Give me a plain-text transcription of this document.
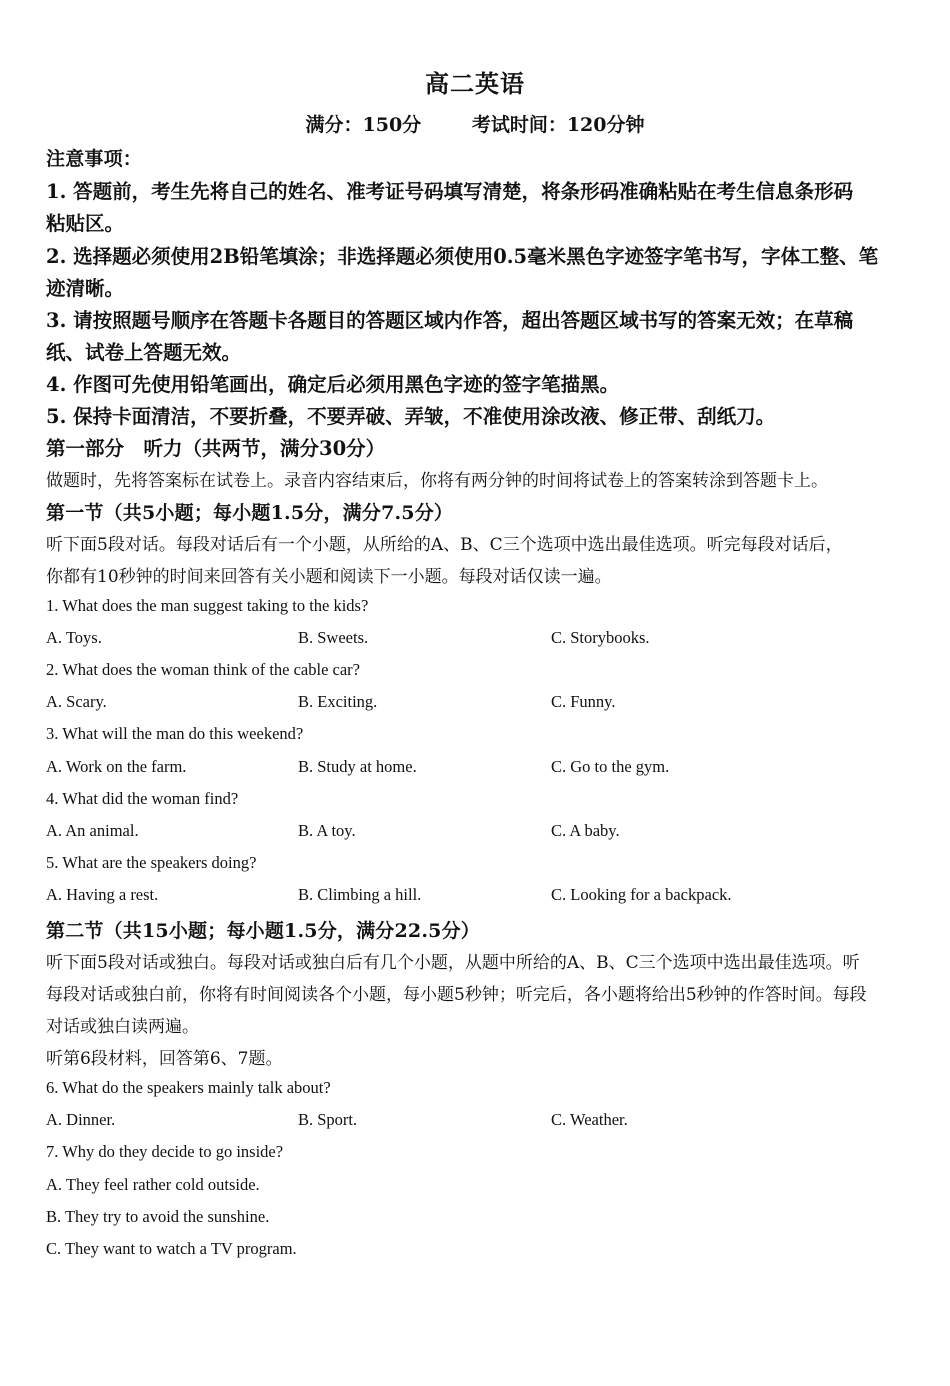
高二英语
满分：150分	考试时间：120分钟
注意事项：
1. 答题前，考生先将自己的姓名、准考证号码填写清楚，将条形码准确粘贴在考生信息条形码
粘贴区。
2. 选择题必须使用2B铅笔填涂；非选择题必须使用0.5毫米黑色字迹签字笔书写，字体工整、笔
迹清晰。
3. 请按照题号顺序在答题卡各题目的答题区域内作答，超出答题区域书写的答案无效；在草稿
纸、试卷上答题无效。
4. 作图可先使用铅笔画出，确定后必须用黑色字迹的签字笔描黑。
5. 保持卡面清洁，不要折叠，不要弄破、弄皱，不准使用涂改液、修正带、刮纸刀。
第一部分　听力（共两节，满分30分）
做题时，先将答案标在试卷上。录音内容结束后，你将有两分钟的时间将试卷上的答案转涂到答题卡上。
第一节（共5小题；每小题1.5分，满分7.5分）
听下面5段对话。每段对话后有一个小题，从所给的A、B、C三个选项中选出最佳选项。听完每段对话后，
你都有10秒钟的时间来回答有关小题和阅读下一小题。每段对话仅读一遍。
1. What does the man suggest taking to the kids?
A. Toys.	B. Sweets.	C. Storybooks.
2. What does the woman think of the cable car?
A. Scary.	B. Exciting.	C. Funny.
3. What will the man do this weekend?
A. Work on the farm.	B. Study at home.	C. Go to the gym.
4. What did the woman find?
A. An animal.	B. A toy.	C. A baby.
5. What are the speakers doing?
A. Having a rest.	B. Climbing a hill.	C. Looking for a backpack.
第二节（共15小题；每小题1.5分，满分22.5分）
听下面5段对话或独白。每段对话或独白后有几个小题，从题中所给的A、B、C三个选项中选出最佳选项。听
每段对话或独白前，你将有时间阅读各个小题，每小题5秒钟；听完后，各小题将给出5秒钟的作答时间。每段
对话或独白读两遍。
听第6段材料，回答第6、7题。
6. What do the speakers mainly talk about?
A. Dinner.	B. Sport.	C. Weather.
7. Why do they decide to go inside?
A. They feel rather cold outside.
B. They try to avoid the sunshine.
C. They want to watch a TV program.
